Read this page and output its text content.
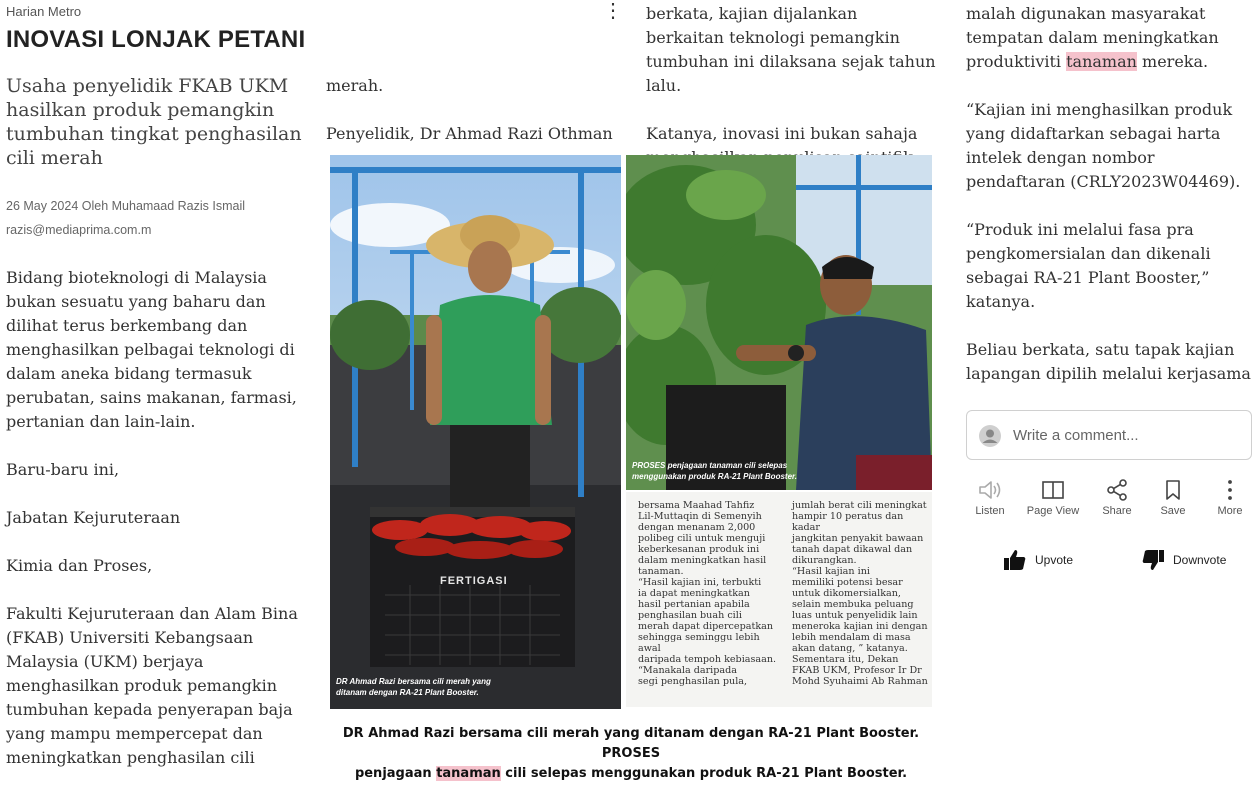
Harian Metro
INOVASI LONJAK PETANI
⋮
Usaha penyelidik FKAB UKM hasilkan produk pemangkin tumbuhan tingkat penghasilan cili merah
26 May 2024 Oleh Muhamaad Razis Ismail
razis@mediaprima.com.m

Bidang bioteknologi di Malaysia bukan sesuatu yang baharu dan dilihat terus berkembang dan menghasilkan pelbagai teknologi di dalam aneka bidang termasuk perubatan, sains makanan, farmasi, pertanian dan lain-lain.

Baru-baru ini,

Jabatan Kejuruteraan

Kimia dan Proses,

Fakulti Kejuruteraan dan Alam Bina (FKAB) Universiti Kebangsaan Malaysia (UKM) berjaya menghasilkan produk pemangkin tumbuhan kepada penyerapan baja yang mampu mempercepat dan meningkatkan penghasilan cili

merah.

Penyelidik, Dr Ahmad Razi Othman

berkata, kajian dijalankan berkaitan teknologi pemangkin tumbuhan ini dilaksana sejak tahun lalu.

Katanya, inovasi ini bukan sahaja

malah digunakan masyarakat tempatan dalam meningkatkan produktiviti tanaman mereka.

“Kajian ini menghasilkan produk yang didaftarkan sebagai harta intelek dengan nombor pendaftaran (CRLY2023W04469).

“Produk ini melalui fasa pra pengkomersialan dan dikenali sebagai RA-21 Plant Booster,” katanya.

Beliau berkata, satu tapak kajian lapangan dipilih melalui kerjasama

FERTIGASI
DR Ahmad Razi bersama cili merah yang
ditanam dengan RA-21 Plant Booster.
PROSES penjagaan tanaman cili selepas
menggunakan produk RA-21 Plant Booster.
bersama Maahad Tahfiz
Lil-Muttaqin di Semenyih
dengan menanam 2,000
polibeg cili untuk menguji
keberkesanan produk ini
dalam meningkatkan hasil
tanaman.
“Hasil kajian ini, terbukti
ia dapat meningkatkan
hasil pertanian apabila
penghasilan buah cili
merah dapat dipercepatkan
sehingga seminggu lebih awal
daripada tempoh kebiasaan.
“Manakala daripada
segi penghasilan pula,
jumlah berat cili meningkat
hampir 10 peratus dan kadar
jangkitan penyakit bawaan
tanah dapat dikawal dan
dikurangkan.
“Hasil kajian ini
memiliki potensi besar
untuk dikomersialkan,
selain membuka peluang
luas untuk penyelidik lain
meneroka kajian ini dengan
lebih mendalam di masa
akan datang, ” katanya.
Sementara itu, Dekan
FKAB UKM, Profesor Ir Dr
Mohd Syuhaimi Ab Rahman
DR Ahmad Razi bersama cili merah yang ditanam dengan RA-21 Plant Booster. PROSES
penjagaan tanaman cili selepas menggunakan produk RA-21 Plant Booster.
Write a comment...
Listen	Page View	Share	Save	More
Upvote	Downvote
